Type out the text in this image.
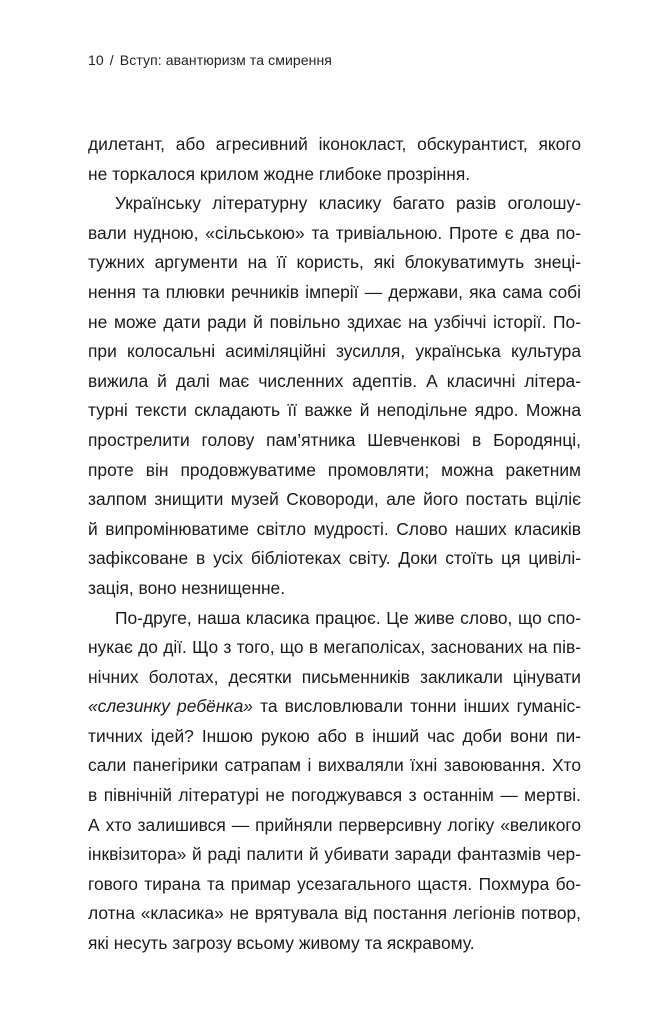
10 / Вступ: авантюризм та смирення
дилетант, або агресивний іконокласт, обскурантист, якого
не торкалося крилом жодне глибоке прозріння.
Українську літературну класику багато разів оголошу-
вали нудною, «сільською» та тривіальною. Проте є два по-
тужних аргументи на її користь, які блокуватимуть знеці-
нення та плювки речників імперії — держави, яка сама собі
не може дати ради й повільно здихає на узбіччі історії. По-
при колосальні асиміляційні зусилля, українська культура
вижила й далі має численних адептів. А класичні літера-
турні тексти складають її важке й неподільне ядро. Можна
прострелити голову пам’ятника Шевченкові в Бородянці,
проте він продовжуватиме промовляти; можна ракетним
залпом знищити музей Сковороди, але його постать вціліє
й випромінюватиме світло мудрості. Слово наших класиків
зафіксоване в усіх бібліотеках світу. Доки стоїть ця цивілі-
зація, воно незнищенне.
По-друге, наша класика працює. Це живе слово, що спо-
нукає до дії. Що з того, що в мегаполісах, заснованих на пів-
нічних болотах, десятки письменників закликали цінувати
«слезинку ребёнка» та висловлювали тонни інших гуманіс-
тичних ідей? Іншою рукою або в інший час доби вони пи-
сали панегірики сатрапам і вихваляли їхні завоювання. Хто
в північній літературі не погоджувався з останнім — мертві.
А хто залишився — прийняли перверсивну логіку «великого
інквізитора» й раді палити й убивати заради фантазмів чер-
гового тирана та примар усезагального щастя. Похмура бо-
лотна «класика» не врятувала від постання легіонів потвор,
які несуть загрозу всьому живому та яскравому.
